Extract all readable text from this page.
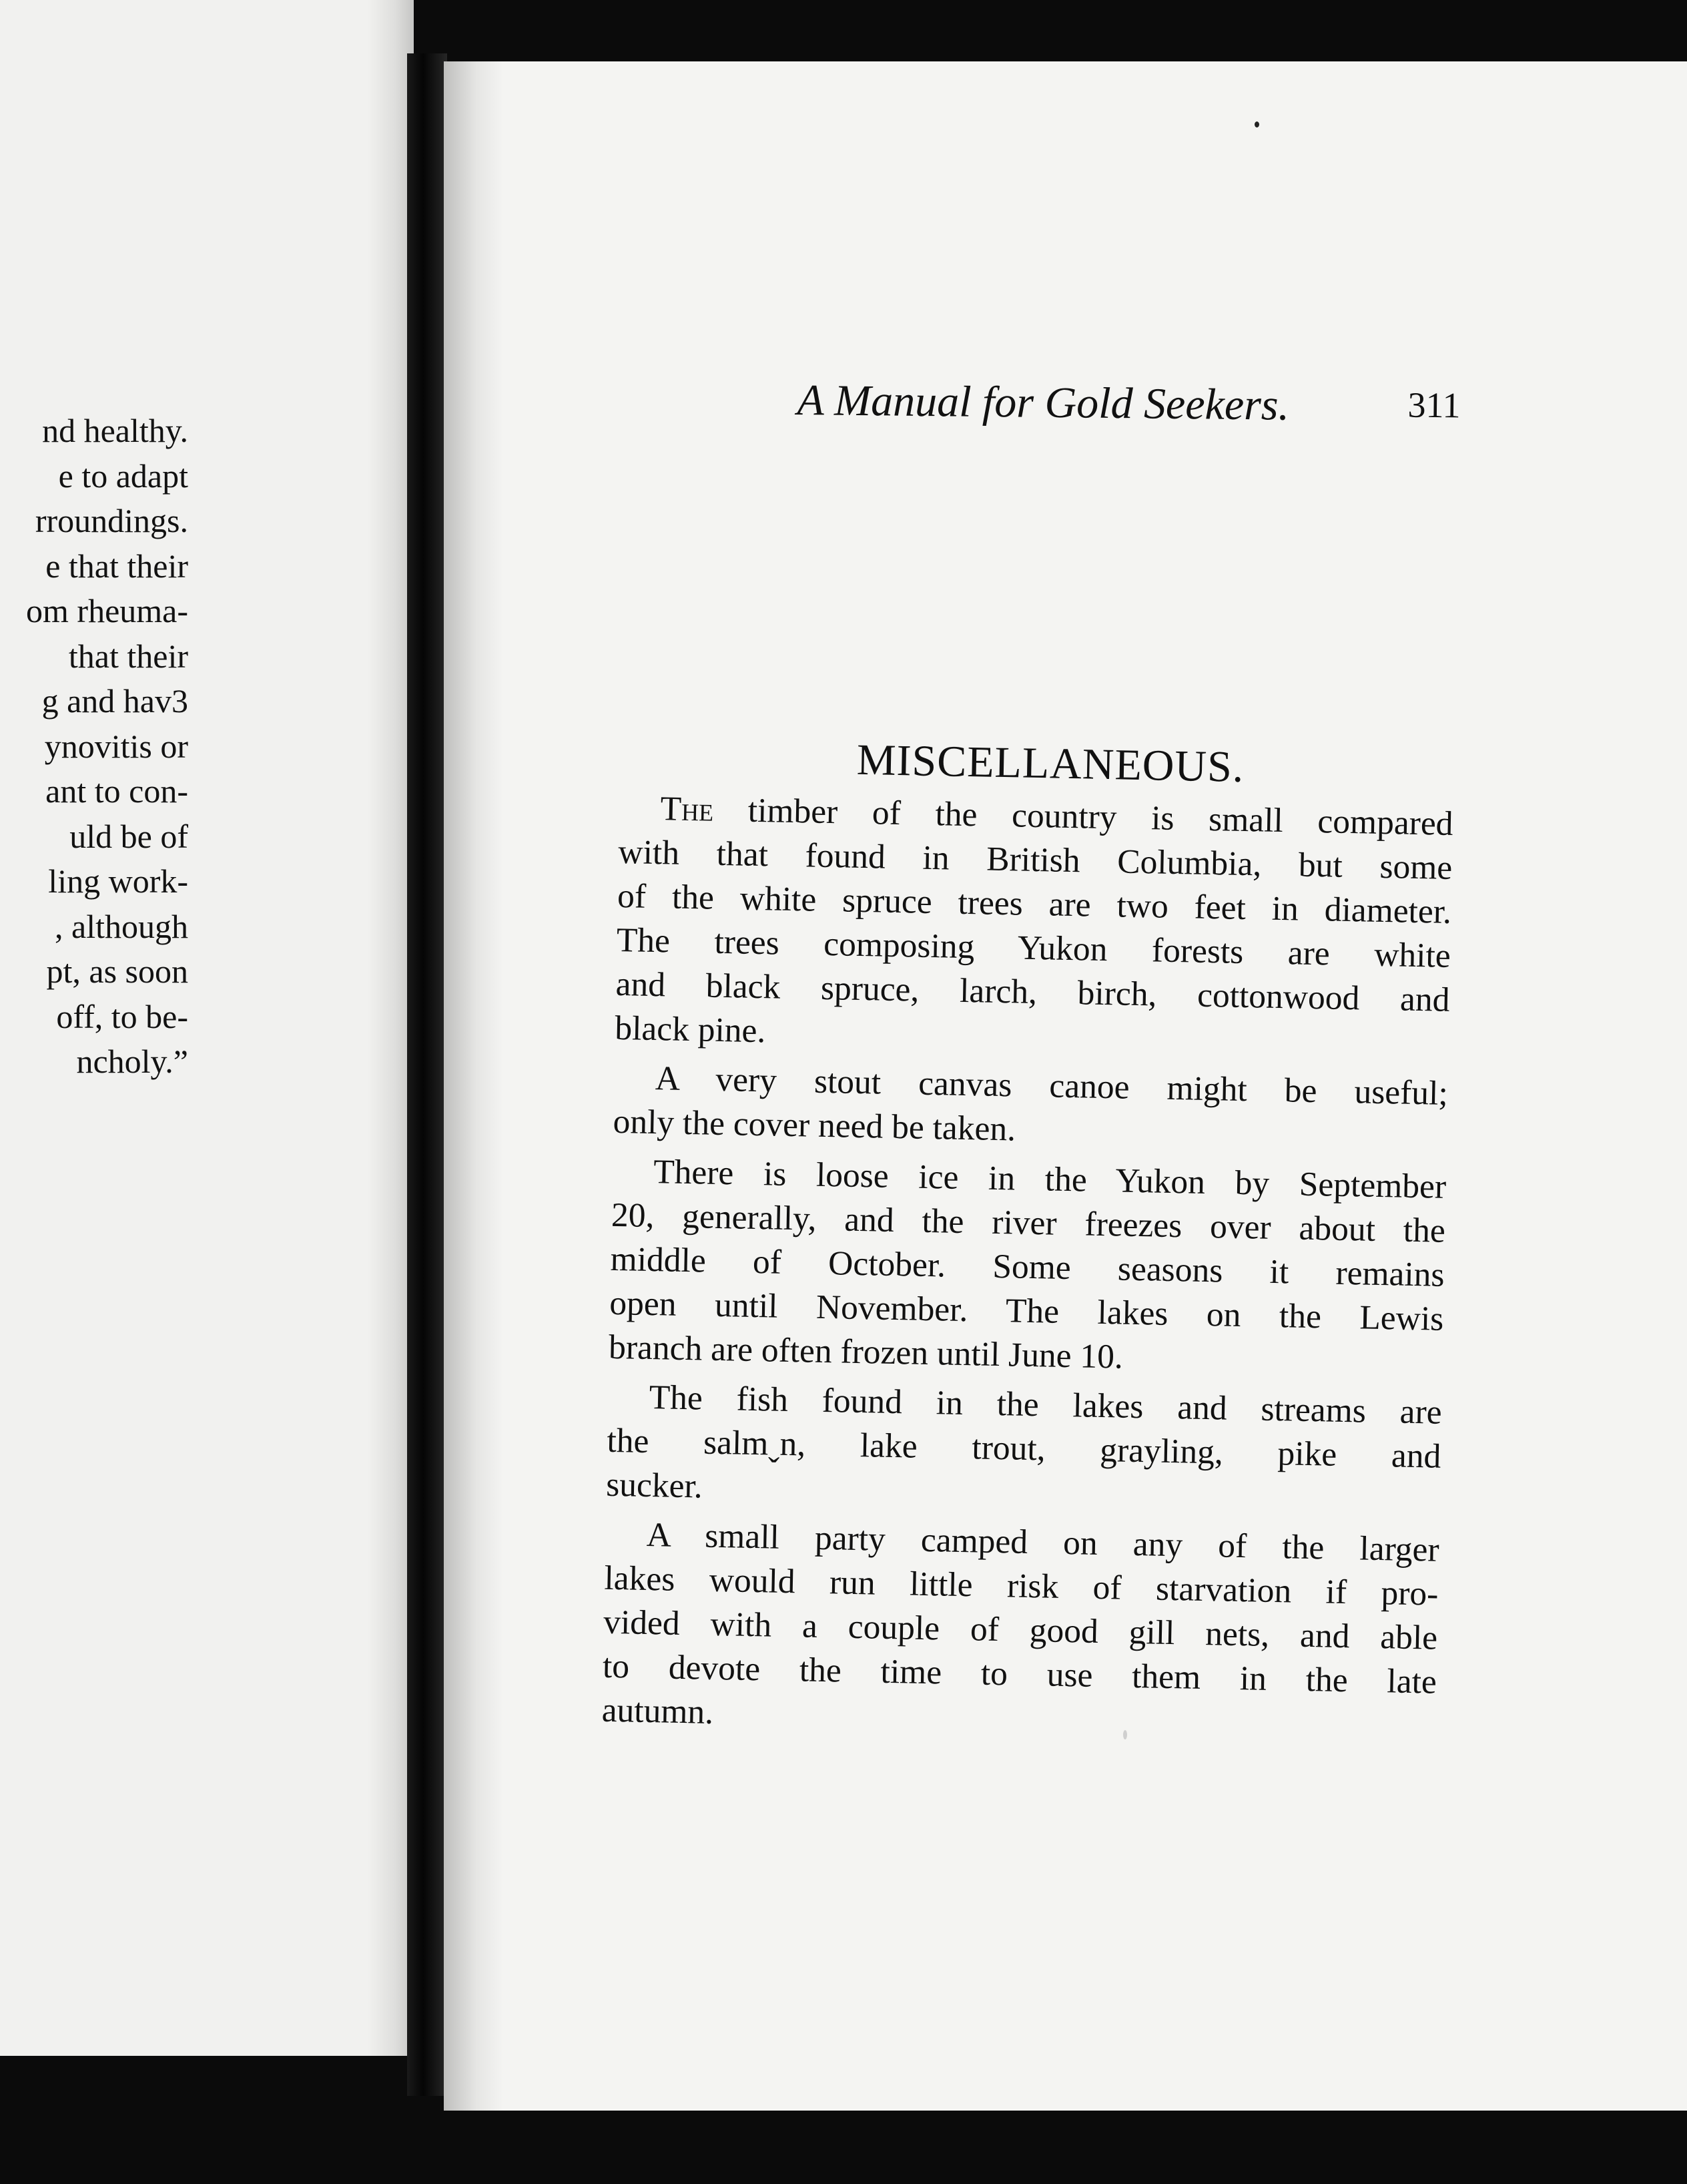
nd healthy.
e to adapt
rroundings.
e that their
om rheuma-
that their
g and hav3
ynovitis or
ant to con-
uld be of
ling work-
, although
pt, as soon
off, to be-
ncholy.”
A Manual for Gold Seekers.	311
MISCELLANEOUS.
The timber of the country is small compared
with that found in British Columbia, but some
of the white spruce trees are two feet in diameter.
The trees composing Yukon forests are white
and black spruce, larch, birch, cottonwood and
black pine.
A very stout canvas canoe might be useful;
only the cover need be taken.
There is loose ice in the Yukon by September
20, generally, and the river freezes over about the
middle of October. Some seasons it remains
open until November. The lakes on the Lewis
branch are often frozen until June 10.
The fish found in the lakes and streams are
the salmˬn, lake trout, grayling, pike and
sucker.
A small party camped on any of the larger
lakes would run little risk of starvation if pro-
vided with a couple of good gill nets, and able
to devote the time to use them in the late
autumn.
